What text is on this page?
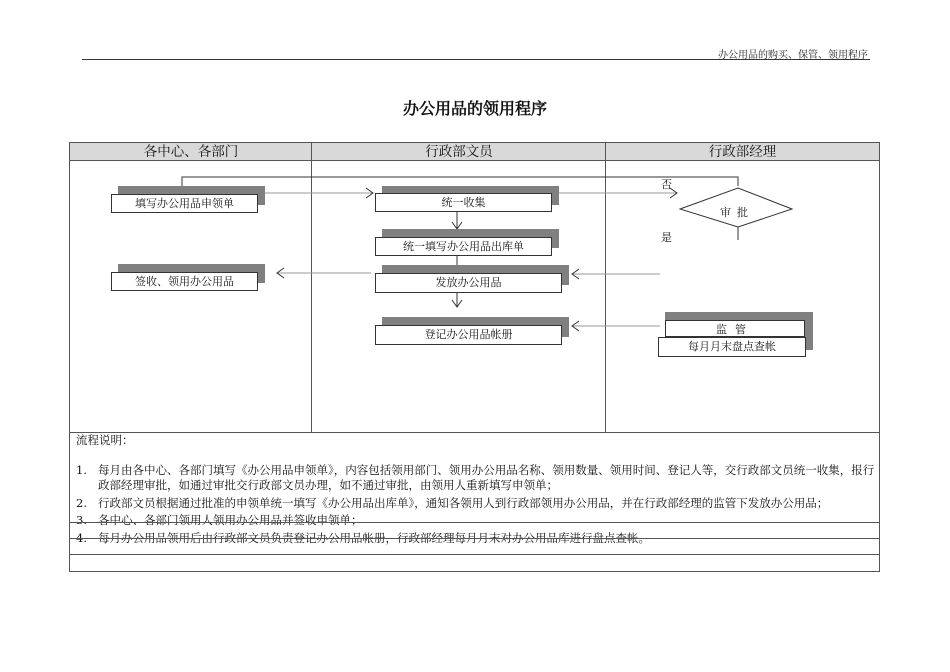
办公用品的购买、保管、领用程序
办公用品的领用程序
各中心、各部门	行政部文员	行政部经理
填写办公用品申领单
签收、领用办公用品
统一收集
统一填写办公用品出库单
发放办公用品
登记办公用品帐册
否
是
审批
监管
每月月末盘点查帐
流程说明：
1. 每月由各中心、各部门填写《办公用品申领单》，内容包括领用部门、领用办公用品名称、领用数量、领用时间、登记人等，交行政部文员统一收集，报行政部经理审批，如通过审批交行政部文员办理，如不通过审批，由领用人重新填写申领单；
2. 行政部文员根据通过批准的申领单统一填写《办公用品出库单》，通知各领用人到行政部领用办公用品，并在行政部经理的监管下发放办公用品；
3. 各中心、各部门领用人领用办公用品并签收申领单；
4. 每月办公用品领用后由行政部文员负责登记办公用品帐册，行政部经理每月月末对办公用品库进行盘点查帐。
